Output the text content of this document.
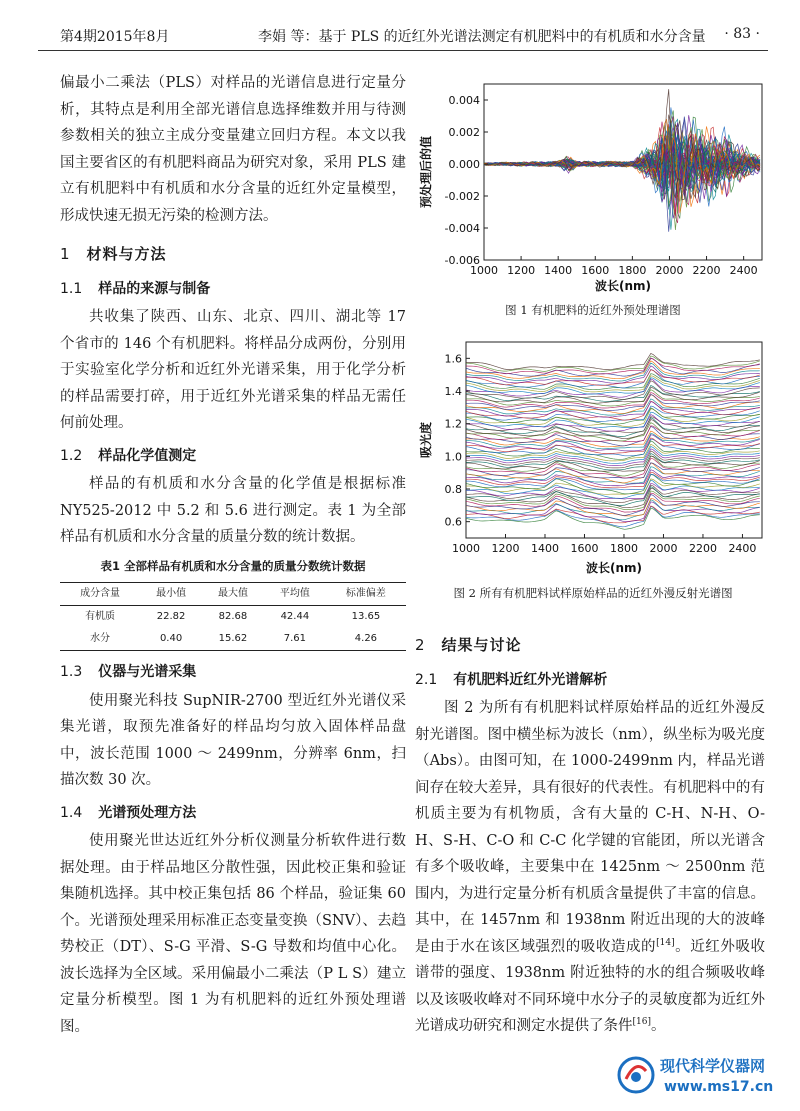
第4期2015年8月	李娟 等：基于 PLS 的近红外光谱法测定有机肥料中的有机质和水分含量 · 83 ·

偏最小二乘法（PLS）对样品的光谱信息进行定量分析，其特点是利用全部光谱信息选择维数并用与待测参数相关的独立主成分变量建立回归方程。本文以我国主要省区的有机肥料商品为研究对象，采用 PLS 建立有机肥料中有机质和水分含量的近红外定量模型，形成快速无损无污染的检测方法。

1 材料与方法
1.1 样品的来源与制备

共收集了陕西、山东、北京、四川、湖北等 17 个省市的 146 个有机肥料。将样品分成两份，分别用于实验室化学分析和近红外光谱采集，用于化学分析的样品需要打碎，用于近红外光谱采集的样品无需任何前处理。

1.2 样品化学值测定

样品的有机质和水分含量的化学值是根据标准 NY525-2012 中 5.2 和 5.6 进行测定。表 1 为全部样品有机质和水分含量的质量分数的统计数据。

表1 全部样品有机质和水分含量的质量分数统计数据
成分含量	最小值	最大值	平均值	标准偏差
有机质	22.82	82.68	42.44	13.65
水分	0.40	15.62	7.61	4.26
1.3 仪器与光谱采集

使用聚光科技 SupNIR-2700 型近红外光谱仪采集光谱，取预先准备好的样品均匀放入固体样品盘中，波长范围 1000 ～ 2499nm，分辨率 6nm，扫描次数 30 次。

1.4 光谱预处理方法

使用聚光世达近红外分析仪测量分析软件进行数据处理。由于样品地区分散性强，因此校正集和验证集随机选择。其中校正集包括 86 个样品，验证集 60 个。光谱预处理采用标准正态变量变换（SNV）、去趋势校正（DT）、S-G 平滑、S-G 导数和均值中心化。波长选择为全区域。采用偏最小二乘法（P L S）建立定量分析模型。图 1 为有机肥料的近红外预处理谱图。

1000 1200 1400 1600 1800 2000 2200 2400
-0.006
-0.004
-0.002
0.000
0.002
0.004
波长(nm)
预处理后的值
图 1 有机肥料的近红外预处理谱图
1000 1200 1400 1600 1800 2000 2200 2400
0.6
0.8
1.0
1.2
1.4
1.6
波长(nm)
吸光度
图 2 所有有机肥料试样原始样品的近红外漫反射光谱图
2 结果与讨论
2.1 有机肥料近红外光谱解析

图 2 为所有有机肥料试样原始样品的近红外漫反射光谱图。图中横坐标为波长（nm），纵坐标为吸光度（Abs）。由图可知，在 1000-2499nm 内，样品光谱间存在较大差异，具有很好的代表性。有机肥料中的有机质主要为有机物质，含有大量的 C-H、N-H、O-H、S-H、C-O 和 C-C 化学键的官能团，所以光谱含有多个吸收峰，主要集中在 1425nm ～ 2500nm 范围内，为进行定量分析有机质含量提供了丰富的信息。其中，在 1457nm 和 1938nm 附近出现的大的波峰是由于水在该区域强烈的吸收造成的[14]。近红外吸收谱带的强度、1938nm 附近独特的水的组合频吸收峰以及该吸收峰对不同环境中水分子的灵敏度都为近红外光谱成功研究和测定水提供了条件[16]。

现代科学仪器网
www.ms17.cn
